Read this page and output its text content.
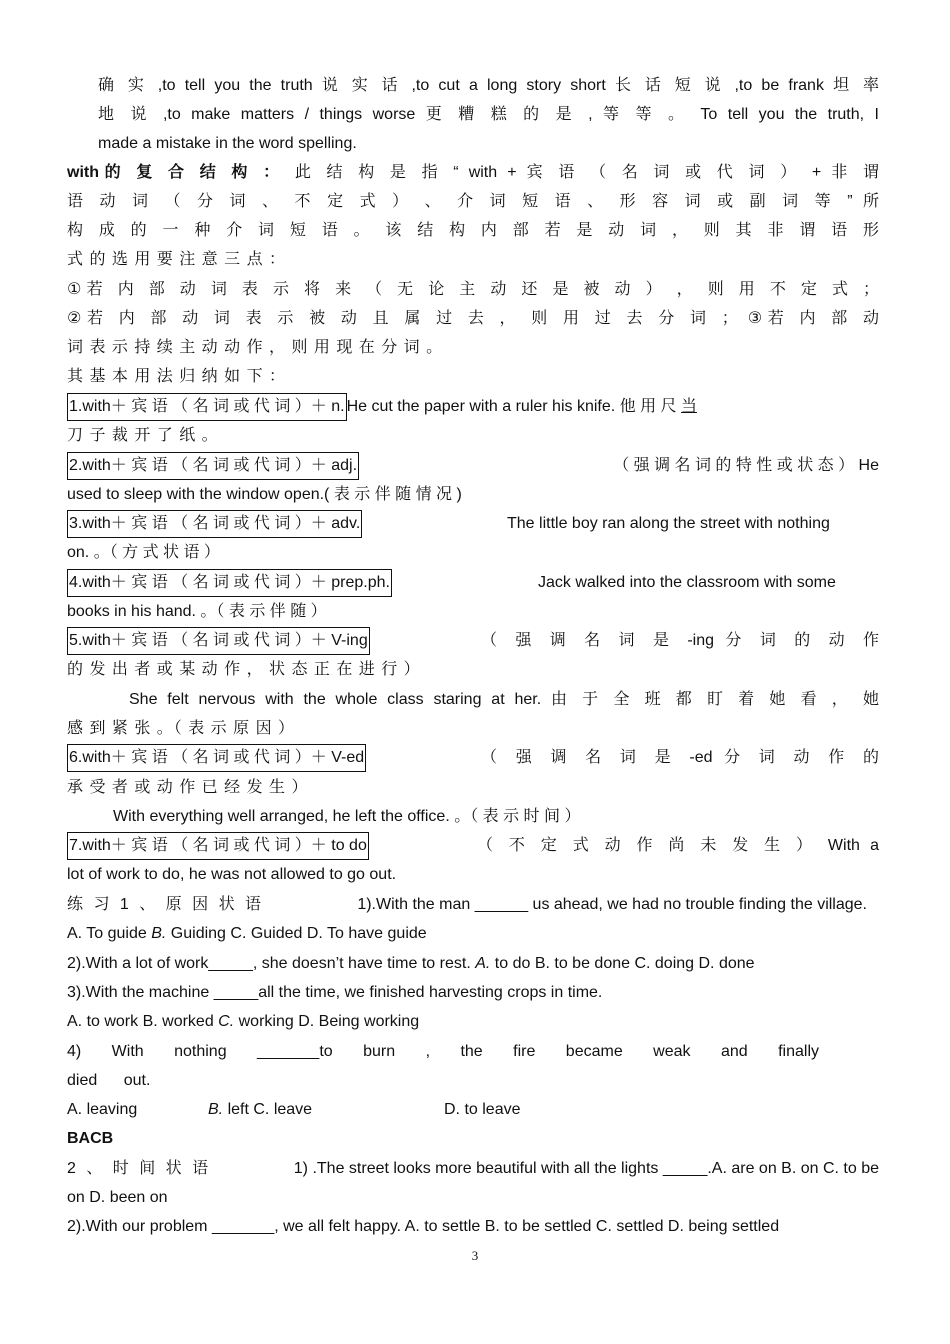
确 实 ,to tell you the truth 说 实 话 ,to cut a long story short 长 话 短 说 ,to be frank 坦 率
地 说 ,to make matters / things worse 更 糟 糕 的 是 , 等 等 。 To tell you the truth, I
made a mistake in the word spelling.
with的 复 合 结 构 ： 此 结 构 是 指 “ with + 宾 语 （ 名 词 或 代 词 ） + 非 谓
语 动 词 （ 分 词 、 不 定 式 ） 、 介 词 短 语 、 形 容 词 或 副 词 等 ” 所
构 成 的 一 种 介 词 短 语 。 该 结 构 内 部 若 是 动 词 ， 则 其 非 谓 语 形
式 的 选 用 要 注 意 三 点 ：
①若 内 部 动 词 表 示 将 来 （ 无 论 主 动 还 是 被 动 ） ， 则 用 不 定 式 ；
②若 内 部 动 词 表 示 被 动 且 属 过 去 ， 则 用 过 去 分 词 ； ③若 内 部 动
词 表 示 持 续 主 动 动 作 ， 则 用 现 在 分 词 。
其 基 本 用 法 归 纳 如 下 ：
1.with＋ 宾 语 （ 名 词 或 代 词 ）＋ n. He cut the paper with a ruler his knife. 他 用 尺 当
刀 子 裁 开 了 纸 。
2.with＋ 宾 语 （ 名 词 或 代 词 ）＋ adj.	（ 强 调 名 词 的 特 性 或 状 态 ） He
used to sleep with the window open.( 表 示 伴 随 情 况 )
3.with＋ 宾 语 （ 名 词 或 代 词 ）＋ adv.	The little boy ran along the street with nothing
on. 。（ 方 式 状 语 ）
4.with＋ 宾 语 （ 名 词 或 代 词 ）＋ prep.ph.	Jack walked into the classroom with some
books in his hand. 。（ 表 示 伴 随 ）
5.with＋ 宾 语 （ 名 词 或 代 词 ）＋ V-ing	（ 强 调 名 词 是 -ing 分 词 的 动 作
的 发 出 者 或 某 动 作 ， 状 态 正 在 进 行 ）
She felt nervous with the whole class staring at her. 由 于 全 班 都 盯 着 她 看 ， 她
感 到 紧 张 。（ 表 示 原 因 ）
6.with＋ 宾 语 （ 名 词 或 代 词 ）＋ V-ed	（ 强 调 名 词 是 -ed 分 词 动 作 的
承 受 者 或 动 作 已 经 发 生 ）
With everything well arranged, he left the office. 。（ 表 示 时 间 ）
7.with＋ 宾 语 （ 名 词 或 代 词 ）＋ to do	（ 不 定 式 动 作 尚 未 发 生 ） With a
lot of work to do, he was not allowed to go out.
练 习 1 、 原 因 状 语	1).With the man ______ us ahead, we had no trouble finding the village.
A. To guide B. Guiding C. Guided D. To have guide
2).With a lot of work_____, she doesn’t have time to rest. A. to do B. to be done C. doing D. done
3).With the machine _____all the time, we finished harvesting crops in time.
A. to work B. worked C. working D. Being working
4) With nothing _______to burn , the fire became weak and finally
died out.
A. leaving	B. left C. leave	D. to leave
BACB
2 、 时 间 状 语	1) .The street looks more beautiful with all the lights _____.A. are on B. on C. to be
on D. been on
2).With our problem _______, we all felt happy. A. to settle B. to be settled C. settled D. being settled
3
